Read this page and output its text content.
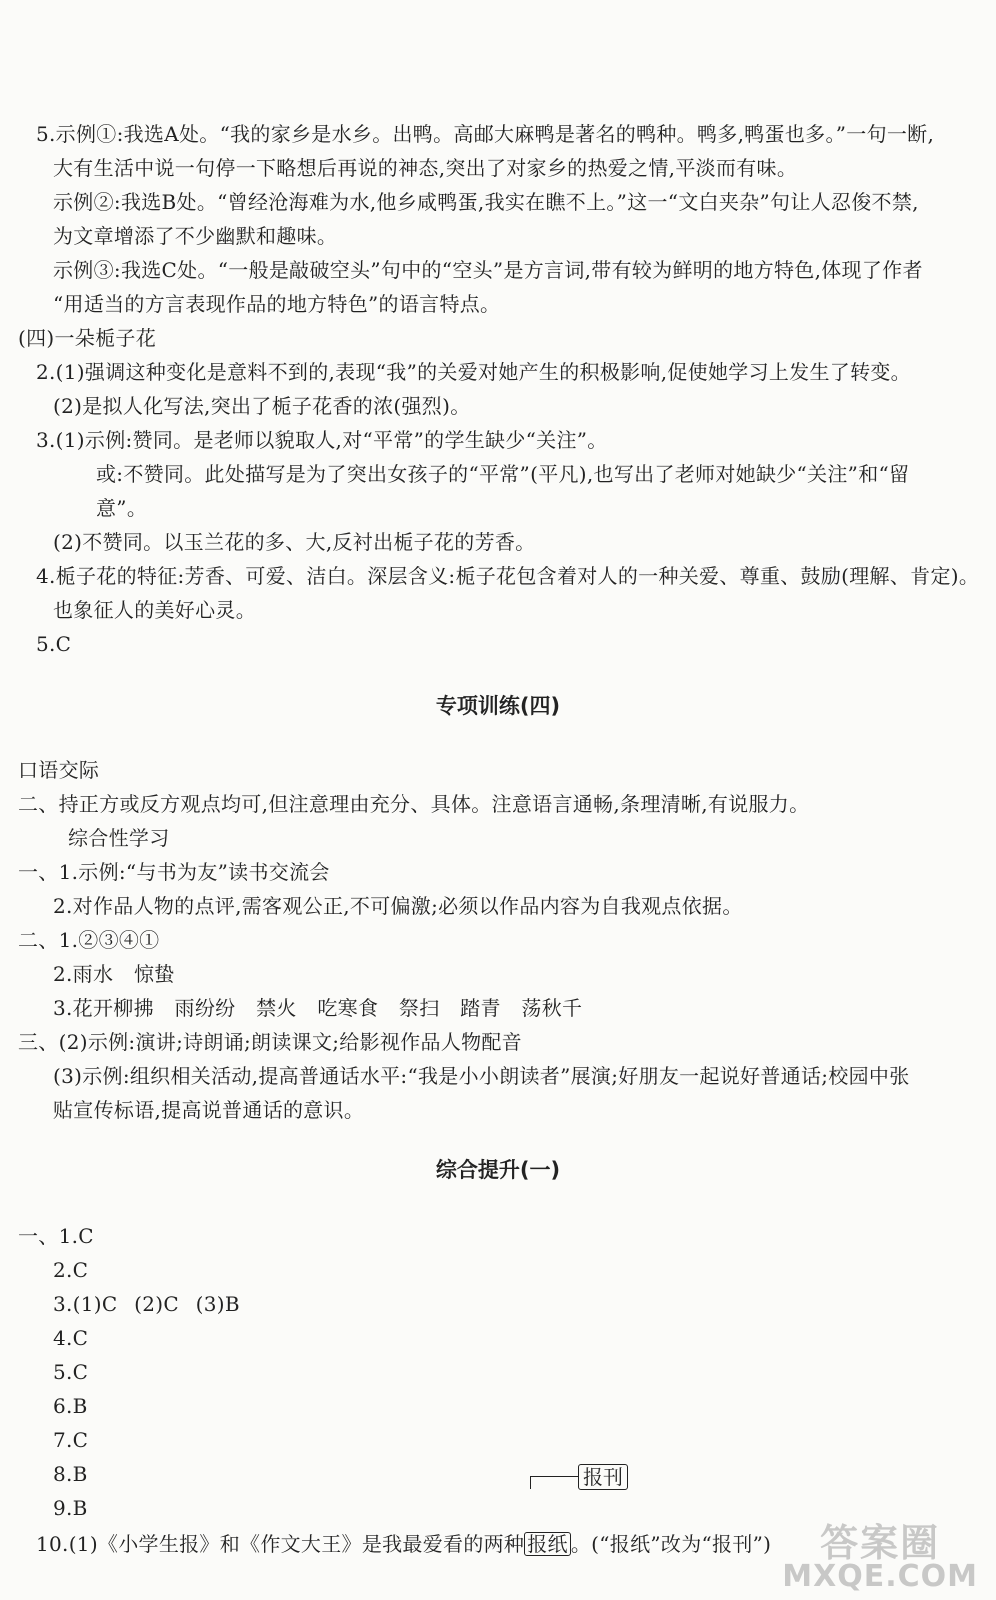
5.示例①:我选A处。“我的家乡是水乡。出鸭。高邮大麻鸭是著名的鸭种。鸭多,鸭蛋也多。”一句一断,
大有生活中说一句停一下略想后再说的神态,突出了对家乡的热爱之情,平淡而有味。
示例②:我选B处。“曾经沧海难为水,他乡咸鸭蛋,我实在瞧不上。”这一“文白夹杂”句让人忍俊不禁,
为文章增添了不少幽默和趣味。
示例③:我选C处。“一般是敲破空头”句中的“空头”是方言词,带有较为鲜明的地方特色,体现了作者
“用适当的方言表现作品的地方特色”的语言特点。
(四)一朵栀子花
2.(1)强调这种变化是意料不到的,表现“我”的关爱对她产生的积极影响,促使她学习上发生了转变。
(2)是拟人化写法,突出了栀子花香的浓(强烈)。
3.(1)示例:赞同。是老师以貌取人,对“平常”的学生缺少“关注”。
或:不赞同。此处描写是为了突出女孩子的“平常”(平凡),也写出了老师对她缺少“关注”和“留
意”。
(2)不赞同。以玉兰花的多、大,反衬出栀子花的芳香。
4.栀子花的特征:芳香、可爱、洁白。深层含义:栀子花包含着对人的一种关爱、尊重、鼓励(理解、肯定)。
也象征人的美好心灵。
5.C
专项训练(四)
口语交际
二、持正方或反方观点均可,但注意理由充分、具体。注意语言通畅,条理清晰,有说服力。
综合性学习
一、1.示例:“与书为友”读书交流会
2.对作品人物的点评,需客观公正,不可偏激;必须以作品内容为自我观点依据。
二、1.②③④①
2.雨水 惊蛰
3.花开柳拂 雨纷纷 禁火 吃寒食 祭扫 踏青 荡秋千
三、(2)示例:演讲;诗朗诵;朗读课文;给影视作品人物配音
(3)示例:组织相关活动,提高普通话水平:“我是小小朗读者”展演;好朋友一起说好普通话;校园中张
贴宣传标语,提高说普通话的意识。
综合提升(一)
一、1.C
2.C
3.(1)C (2)C (3)B
4.C
5.C
6.B
7.C
8.B
9.B
报刊
10.(1)《小学生报》和《作文大王》是我最爱看的两种 报纸 。(“报纸”改为“报刊”)	答案圈
MXQE.COM
